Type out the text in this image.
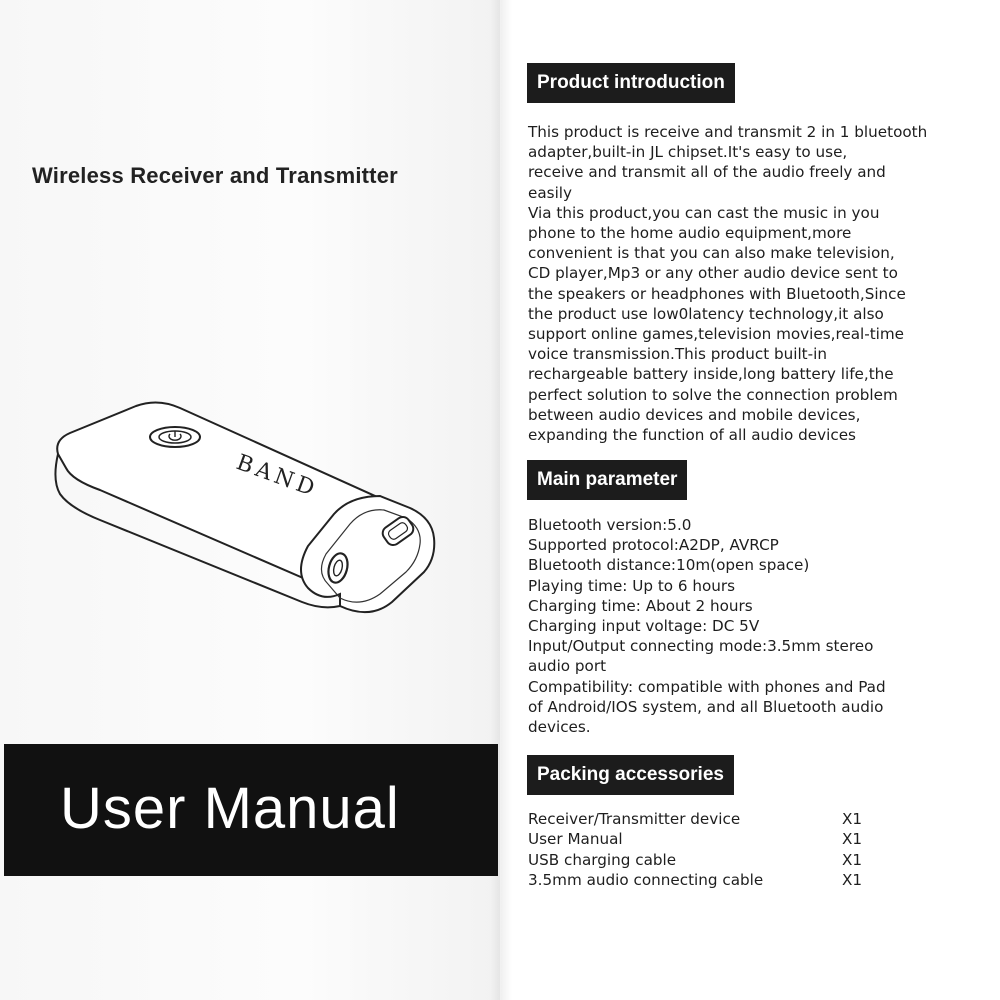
Wireless Receiver and Transmitter
BAND
User Manual
Product introduction
This product is receive and transmit 2 in 1 bluetooth
adapter,built-in JL chipset.It's easy to use,
receive and transmit all of the audio freely and
easily
Via this product,you can cast the music in you
phone to the home audio equipment,more
convenient is that you can also make television,
CD player,Mp3 or any other audio device sent to
the speakers or headphones with Bluetooth,Since
the product use low0latency technology,it also
support online games,television movies,real-time
voice transmission.This product built-in
rechargeable battery inside,long battery life,the
perfect solution to solve the connection problem
between audio devices and mobile devices,
expanding the function of all audio devices
Main parameter
Bluetooth version:5.0
Supported protocol:A2DP, AVRCP
Bluetooth distance:10m(open space)
Playing time: Up to 6 hours
Charging time: About 2 hours
Charging input voltage: DC 5V
Input/Output connecting mode:3.5mm stereo
audio port
Compatibility: compatible with phones and Pad
of Android/IOS system, and all Bluetooth audio
devices.
Packing accessories
Receiver/Transmitter device	X1
User Manual	X1
USB charging cable	X1
3.5mm audio connecting cable	X1
